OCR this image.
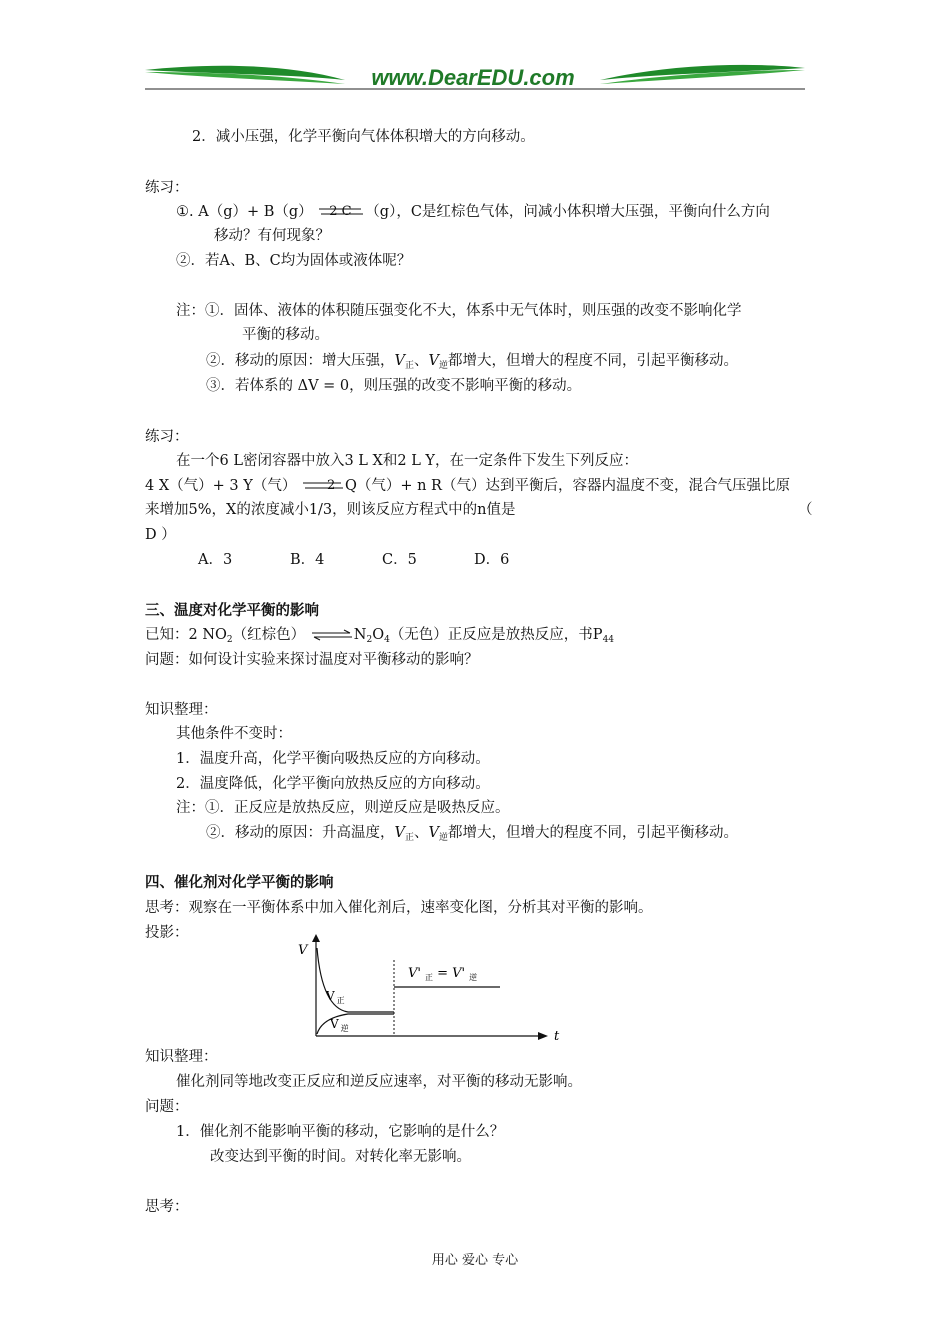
www.DearEDU.com
2．减小压强，化学平衡向气体体积增大的方向移动。
练习：
①. A（g）+ B（g） 2 C （g），C是红棕色气体，问减小体积增大压强，平衡向什么方向
移动？有何现象？
②．若A、B、C均为固体或液体呢？
注：①．固体、液体的体积随压强变化不大，体系中无气体时，则压强的改变不影响化学
平衡的移动。
②．移动的原因：增大压强，$V_正$、$V_逆$都增大，但增大的程度不同，引起平衡移动。
③．若体系的 ΔV = 0，则压强的改变不影响平衡的移动。
练习：
在一个6 L密闭容器中放入3 L X和2 L Y，在一定条件下发生下列反应：
4 X（气）+ 3 Y（气） 2 Q（气）+ n R（气）达到平衡后，容器内温度不变，混合气压强比原
来增加5%，X的浓度减小1/3，则该反应方程式中的n值是	（
D ）
A．3	B．4	C．5	D．6
三、温度对化学平衡的影响
已知：2 $NO_2$（红棕色） $\rightleftharpoons N_2O_4$（无色）正反应是放热反应，书$P_{44}$
问题：如何设计实验来探讨温度对平衡移动的影响？
知识整理：
其他条件不变时：
1．温度升高，化学平衡向吸热反应的方向移动。
2．温度降低，化学平衡向放热反应的方向移动。
注：①．正反应是放热反应，则逆反应是吸热反应。
②．移动的原因：升高温度，$V_正$、$V_逆$都增大，但增大的程度不同，引起平衡移动。
四、催化剂对化学平衡的影响
思考：观察在一平衡体系中加入催化剂后，速率变化图，分析其对平衡的影响。
投影：
V
t
V $_正$
V $_逆$
V' $_正$ = V' $_逆$
知识整理：
催化剂同等地改变正反应和逆反应速率，对平衡的移动无影响。
问题：
1．催化剂不能影响平衡的移动，它影响的是什么？
改变达到平衡的时间。对转化率无影响。
思考：
用心 爱心 专心
